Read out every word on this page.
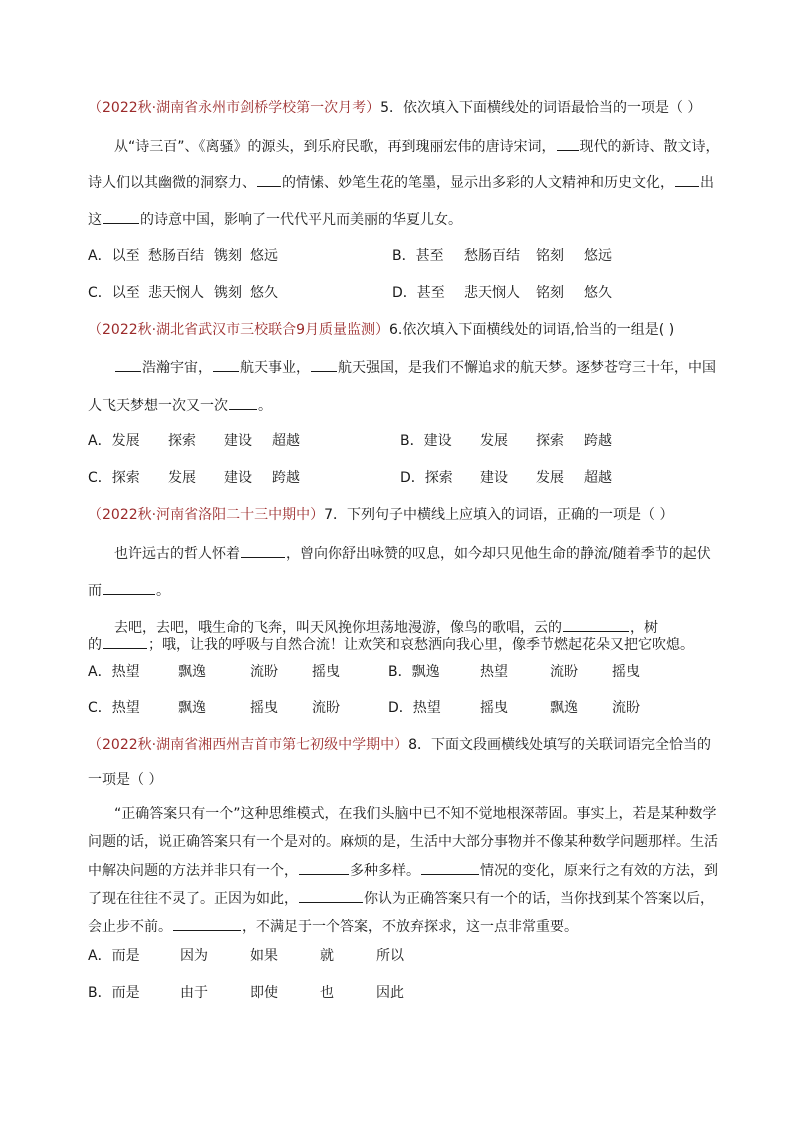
（2022秋·湖南省永州市剑桥学校第一次月考）5．依次填入下面横线处的词语最恰当的一项是（ ）
从“诗三百”、《离骚》的源头，到乐府民歌，再到瑰丽宏伟的唐诗宋词， 现代的新诗、散文诗，
诗人们以其幽微的洞察力、 的情愫、妙笔生花的笔墨，显示出多彩的人文精神和历史文化， 出
这	的诗意中国，影响了一代代平凡而美丽的华夏儿女。
A．以至 愁肠百结 镌刻 悠远	B．甚至 愁肠百结 铭刻 悠远
C．以至 悲天悯人 镌刻 悠久	D．甚至 悲天悯人 铭刻 悠久
（2022秋·湖北省武汉市三校联合9月质量监测）6.依次填入下面横线处的词语,恰当的一组是( )
浩瀚宇宙， 航天事业， 航天强国，是我们不懈追求的航天梦。逐梦苍穹三十年，中国
人飞天梦想一次又一次 。
A．发展 探索 建设 超越	B．建设 发展 探索 跨越
C．探索 发展 建设 跨越	D．探索 建设 发展 超越
（2022秋·河南省洛阳二十三中期中）7．下列句子中横线上应填入的词语，正确的一项是（ ）
也许远古的哲人怀着	，曾向你舒出咏赞的叹息，如今却只见他生命的静流/随着季节的起伏
而	。
去吧，去吧，哦生命的飞奔，叫天风挽你坦荡地漫游，像鸟的歌唱，云的	，树
的	；哦，让我的呼吸与自然合流！让欢笑和哀愁洒向我心里，像季节燃起花朵又把它吹熄。
A．热望	飘逸	流盼 摇曳	B．飘逸	热望	流盼 摇曳
C．热望	飘逸	摇曳 流盼	D．热望	摇曳	飘逸 流盼
（2022秋·湖南省湘西州吉首市第七初级中学期中）8．下面文段画横线处填写的关联词语完全恰当的
一项是（ ）
“正确答案只有一个”这种思维模式，在我们头脑中已不知不觉地根深蒂固。事实上，若是某种数学
问题的话，说正确答案只有一个是对的。麻烦的是，生活中大部分事物并不像某种数学问题那样。生活
中解决问题的方法并非只有一个，	多种多样。	情况的变化，原来行之有效的方法，到
了现在往往不灵了。正因为如此，	你认为正确答案只有一个的话，当你找到某个答案以后，
会止步不前。	，不满足于一个答案，不放弃探求，这一点非常重要。
A．而是	因为	如果	就	所以
B．而是	由于	即使	也	因此
